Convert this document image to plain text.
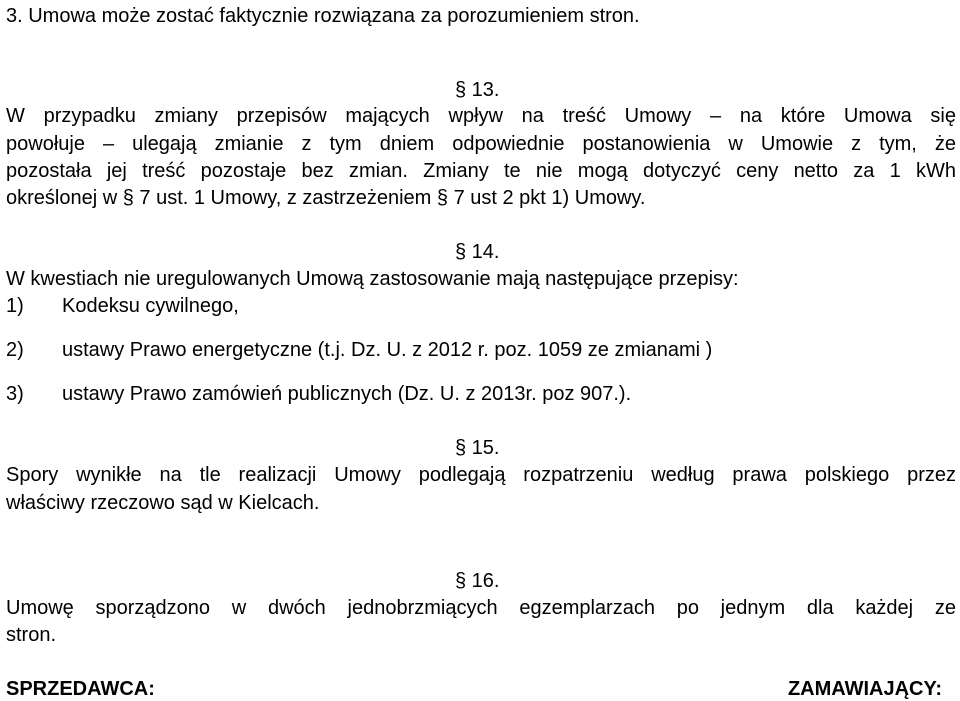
3. Umowa może zostać faktycznie rozwiązana za porozumieniem stron.
§ 13.
W przypadku zmiany przepisów mających wpływ na treść Umowy – na które Umowa się
powołuje – ulegają zmianie z tym dniem odpowiednie postanowienia w Umowie z tym, że
pozostała jej treść pozostaje bez zmian. Zmiany te nie mogą dotyczyć ceny netto za 1 kWh
określonej w § 7 ust. 1 Umowy, z zastrzeżeniem § 7 ust 2 pkt 1) Umowy.
§ 14.
W kwestiach nie uregulowanych Umową zastosowanie mają następujące przepisy:
1) Kodeksu cywilnego,
2) ustawy Prawo energetyczne (t.j. Dz. U. z 2012 r. poz. 1059 ze zmianami )
3) ustawy Prawo zamówień publicznych (Dz. U. z 2013r. poz 907.).
§ 15.
Spory wynikłe na tle realizacji Umowy podlegają rozpatrzeniu według prawa polskiego przez
właściwy rzeczowo sąd w Kielcach.
§ 16.
Umowę sporządzono w dwóch jednobrzmiących egzemplarzach po jednym dla każdej ze
stron.
SPRZEDAWCA:	ZAMAWIAJĄCY:
